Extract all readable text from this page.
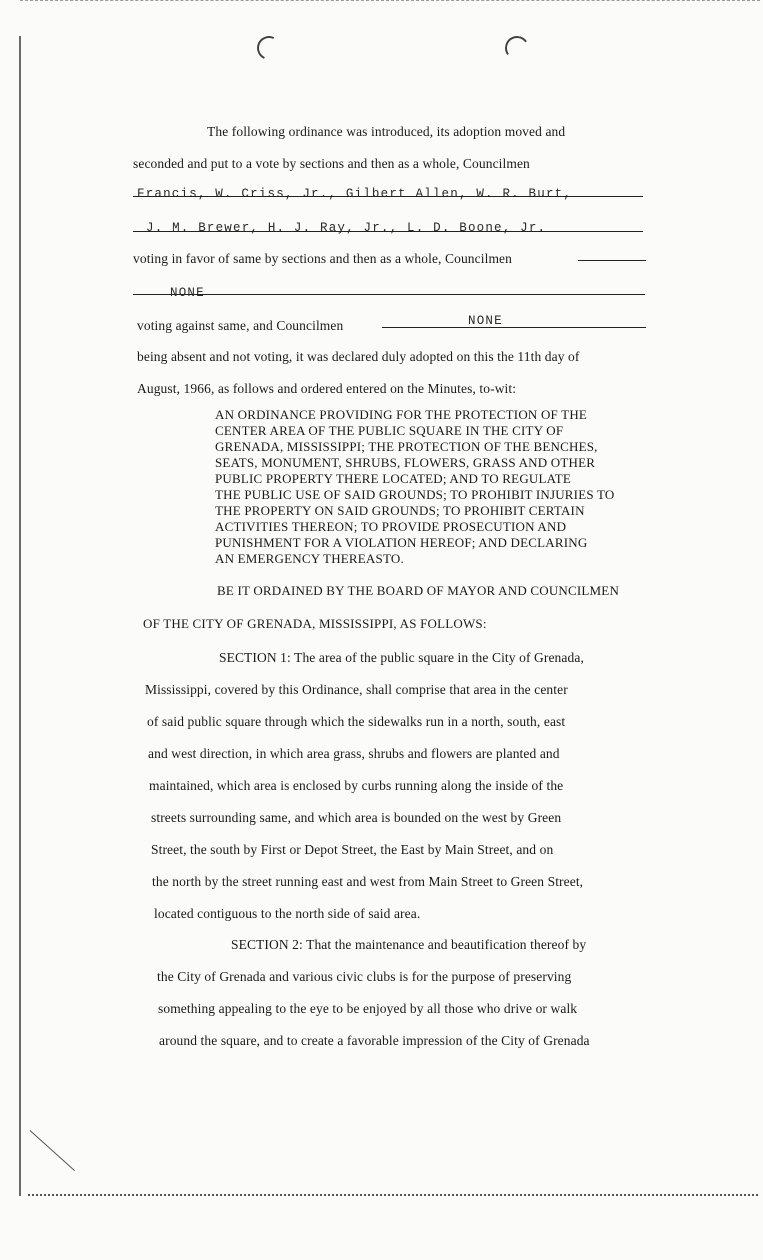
The following ordinance was introduced, its adoption moved and
seconded and put to a vote by sections and then as a whole, Councilmen
Francis, W. Criss, Jr., Gilbert Allen, W. R. Burt,
J. M. Brewer, H. J. Ray, Jr., L. D. Boone, Jr.
voting in favor of same by sections and then as a whole, Councilmen
NONE
voting against same, and Councilmen	NONE
being absent and not voting, it was declared duly adopted on this the 11th day of
August, 1966, as follows and ordered entered on the Minutes, to-wit:
AN ORDINANCE PROVIDING FOR THE PROTECTION OF THE
CENTER AREA OF THE PUBLIC SQUARE IN THE CITY OF
GRENADA, MISSISSIPPI; THE PROTECTION OF THE BENCHES,
SEATS, MONUMENT, SHRUBS, FLOWERS, GRASS AND OTHER
PUBLIC PROPERTY THERE LOCATED; AND TO REGULATE
THE PUBLIC USE OF SAID GROUNDS; TO PROHIBIT INJURIES TO
THE PROPERTY ON SAID GROUNDS; TO PROHIBIT CERTAIN
ACTIVITIES THEREON; TO PROVIDE PROSECUTION AND
PUNISHMENT FOR A VIOLATION HEREOF; AND DECLARING
AN EMERGENCY THEREASTO.
BE IT ORDAINED BY THE BOARD OF MAYOR AND COUNCILMEN
OF THE CITY OF GRENADA, MISSISSIPPI, AS FOLLOWS:
SECTION 1: The area of the public square in the City of Grenada,
Mississippi, covered by this Ordinance, shall comprise that area in the center
of said public square through which the sidewalks run in a north, south, east
and west direction, in which area grass, shrubs and flowers are planted and
maintained, which area is enclosed by curbs running along the inside of the
streets surrounding same, and which area is bounded on the west by Green
Street, the south by First or Depot Street, the East by Main Street, and on
the north by the street running east and west from Main Street to Green Street,
located contiguous to the north side of said area.
SECTION 2: That the maintenance and beautification thereof by
the City of Grenada and various civic clubs is for the purpose of preserving
something appealing to the eye to be enjoyed by all those who drive or walk
around the square, and to create a favorable impression of the City of Grenada
